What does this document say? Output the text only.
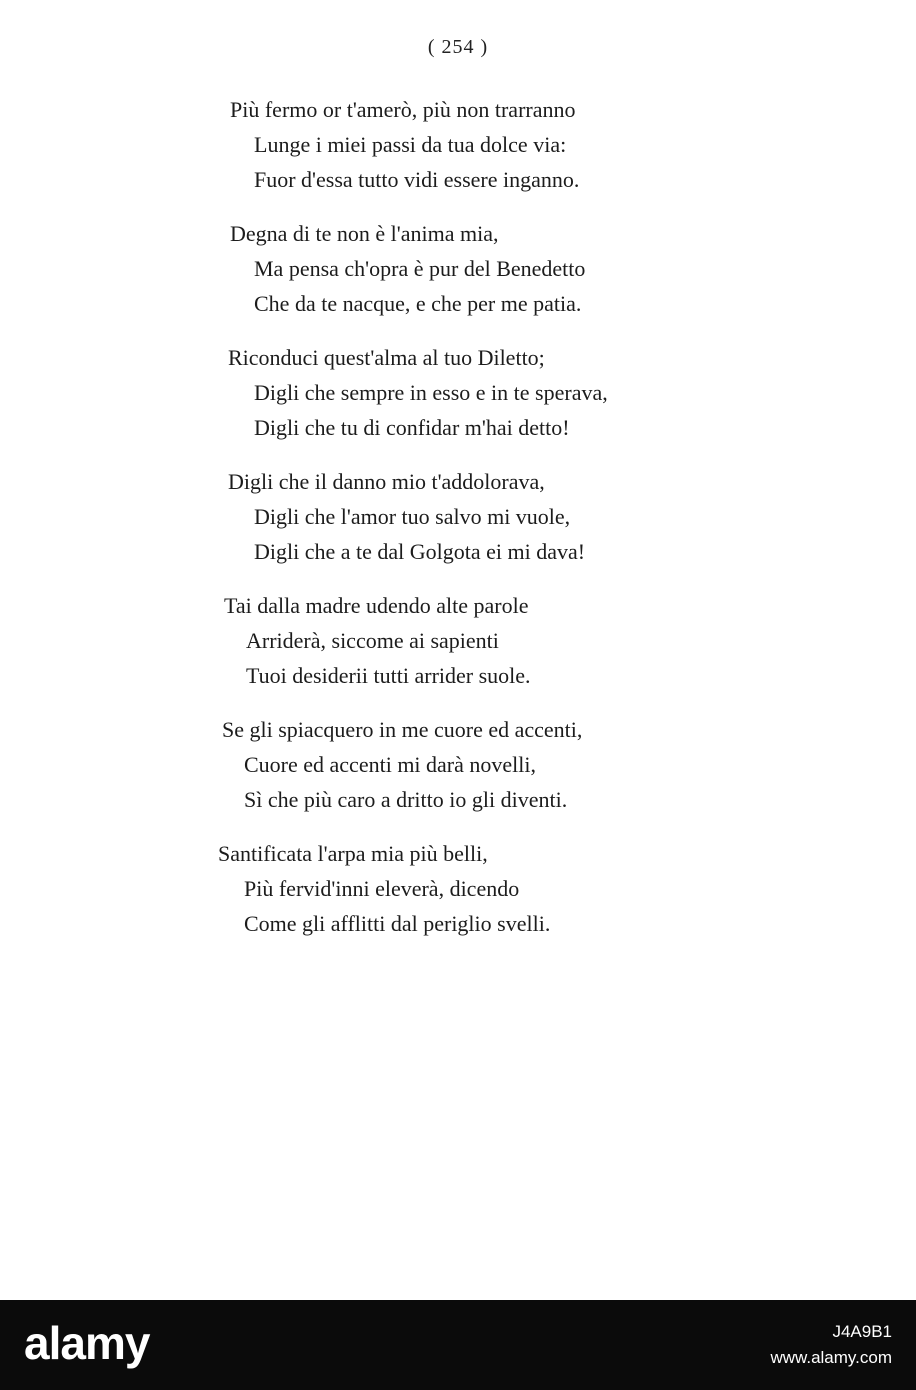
( 254 )
Più fermo or t'amerò, più non trarranno
Lunge i miei passi da tua dolce via:
Fuor d'essa tutto vidi essere inganno.
Degna di te non è l'anima mia,
Ma pensa ch'opra è pur del Benedetto
Che da te nacque, e che per me patia.
Riconduci quest'alma al tuo Diletto;
Digli che sempre in esso e in te sperava,
Digli che tu di confidar m'hai detto!
Digli che il danno mio t'addolorava,
Digli che l'amor tuo salvo mi vuole,
Digli che a te dal Golgota ei mi dava!
Tai dalla madre udendo alte parole
Arriderà, siccome ai sapienti
Tuoi desiderii tutti arrider suole.
Se gli spiacquero in me cuore ed accenti,
Cuore ed accenti mi darà novelli,
Sì che più caro a dritto io gli diventi.
Santificata l'arpa mia più belli,
Più fervid'inni eleverà, dicendo
Come gli afflitti dal periglio svelli.
alamy	J4A9B1
www.alamy.com
